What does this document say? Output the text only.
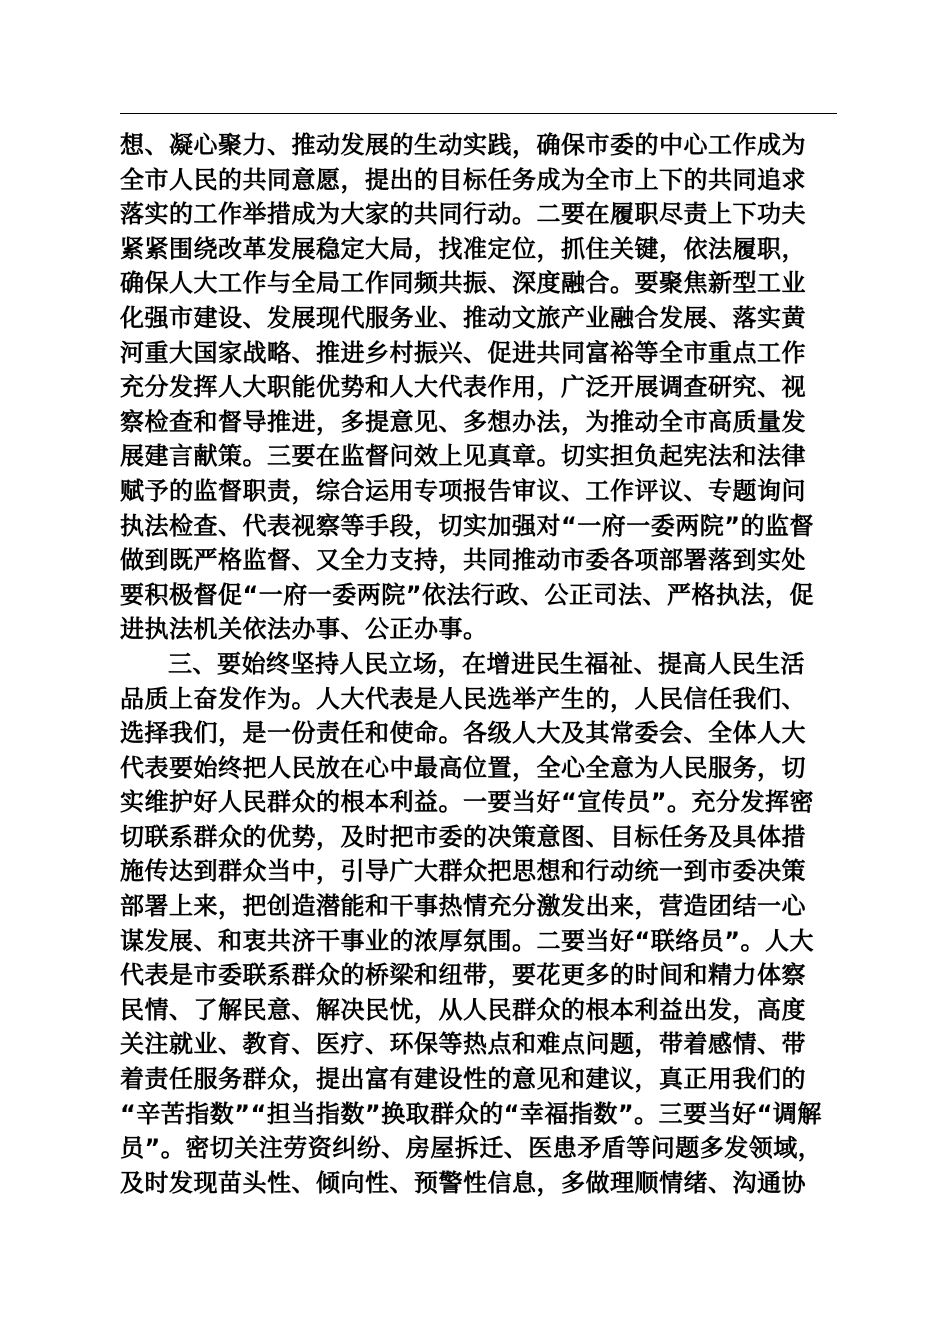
想、凝心聚力、推动发展的生动实践，确保市委的中心工作成为
全市人民的共同意愿，提出的目标任务成为全市上下的共同追求
落实的工作举措成为大家的共同行动。二要在履职尽责上下功夫
紧紧围绕改革发展稳定大局，找准定位，抓住关键，依法履职，
确保人大工作与全局工作同频共振、深度融合。要聚焦新型工业
化强市建设、发展现代服务业、推动文旅产业融合发展、落实黄
河重大国家战略、推进乡村振兴、促进共同富裕等全市重点工作
充分发挥人大职能优势和人大代表作用，广泛开展调查研究、视
察检查和督导推进，多提意见、多想办法，为推动全市高质量发
展建言献策。三要在监督问效上见真章。切实担负起宪法和法律
赋予的监督职责，综合运用专项报告审议、工作评议、专题询问
执法检查、代表视察等手段，切实加强对“一府一委两院”的监督
做到既严格监督、又全力支持，共同推动市委各项部署落到实处
要积极督促“一府一委两院”依法行政、公正司法、严格执法，促
进执法机关依法办事、公正办事。
三、要始终坚持人民立场，在增进民生福祉、提高人民生活
品质上奋发作为。人大代表是人民选举产生的，人民信任我们、
选择我们，是一份责任和使命。各级人大及其常委会、全体人大
代表要始终把人民放在心中最高位置，全心全意为人民服务，切
实维护好人民群众的根本利益。一要当好“宣传员”。充分发挥密
切联系群众的优势，及时把市委的决策意图、目标任务及具体措
施传达到群众当中，引导广大群众把思想和行动统一到市委决策
部署上来，把创造潜能和干事热情充分激发出来，营造团结一心
谋发展、和衷共济干事业的浓厚氛围。二要当好“联络员”。人大
代表是市委联系群众的桥梁和纽带，要花更多的时间和精力体察
民情、了解民意、解决民忧，从人民群众的根本利益出发，高度
关注就业、教育、医疗、环保等热点和难点问题，带着感情、带
着责任服务群众，提出富有建设性的意见和建议，真正用我们的
“辛苦指数”“担当指数”换取群众的“幸福指数”。三要当好“调解
员”。密切关注劳资纠纷、房屋拆迁、医患矛盾等问题多发领域，
及时发现苗头性、倾向性、预警性信息，多做理顺情绪、沟通协
